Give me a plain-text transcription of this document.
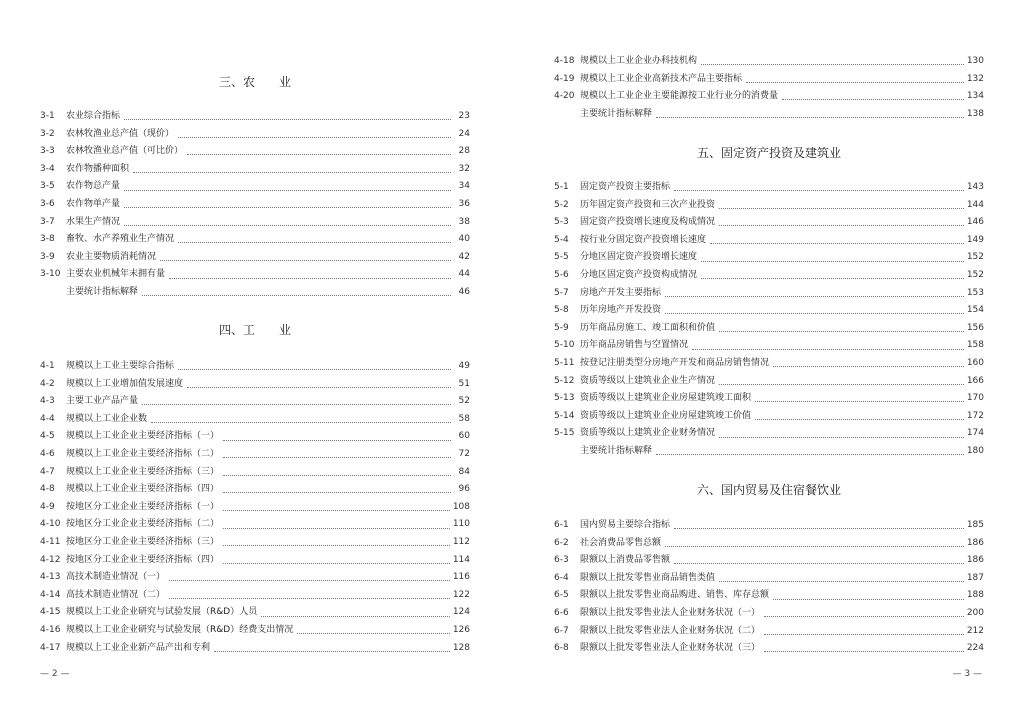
— 2 —
三、农　　业
3-1	农业综合指标	23
3-2	农林牧渔业总产值（现价）	24
3-3	农林牧渔业总产值（可比价）	28
3-4	农作物播种面积	32
3-5	农作物总产量	34
3-6	农作物单产量	36
3-7	水果生产情况	38
3-8	畜牧、水产养殖业生产情况	40
3-9	农业主要物质消耗情况	42
3-10 主要农业机械年末拥有量	44
主要统计指标解释	46
四、工　　业
4-1	规模以上工业主要综合指标	49
4-2	规模以上工业增加值发展速度	51
4-3	主要工业产品产量	52
4-4	规模以上工业企业数	58
4-5	规模以上工业企业主要经济指标（一）	60
4-6	规模以上工业企业主要经济指标（二）	72
4-7	规模以上工业企业主要经济指标（三）	84
4-8	规模以上工业企业主要经济指标（四）	96
4-9	按地区分工业企业主要经济指标（一）	108
4-10 按地区分工业企业主要经济指标（二）	110
4-11 按地区分工业企业主要经济指标（三）	112
4-12 按地区分工业企业主要经济指标（四）	114
4-13 高技术制造业情况（一）	116
4-14 高技术制造业情况（二）	122
4-15 规模以上工业企业研究与试验发展（R&D）人员	124
4-16 规模以上工业企业研究与试验发展（R&D）经费支出情况	126
4-17 规模以上工业企业新产品产出和专利	128
— 3 —
4-18 规模以上工业企业办科技机构	130
4-19 规模以上工业企业高新技术产品主要指标	132
4-20 规模以上工业企业主要能源按工业行业分的消费量	134
主要统计指标解释	138
五、固定资产投资及建筑业
5-1	固定资产投资主要指标	143
5-2	历年固定资产投资和三次产业投资	144
5-3	固定资产投资增长速度及构成情况	146
5-4	按行业分固定资产投资增长速度	149
5-5	分地区固定资产投资增长速度	152
5-6	分地区固定资产投资构成情况	152
5-7	房地产开发主要指标	153
5-8	历年房地产开发投资	154
5-9	历年商品房施工、竣工面积和价值	156
5-10 历年商品房销售与空置情况	158
5-11 按登记注册类型分房地产开发和商品房销售情况	160
5-12 资质等级以上建筑业企业生产情况	166
5-13 资质等级以上建筑业企业房屋建筑竣工面积	170
5-14 资质等级以上建筑业企业房屋建筑竣工价值	172
5-15 资质等级以上建筑业企业财务情况	174
主要统计指标解释	180
六、国内贸易及住宿餐饮业
6-1	国内贸易主要综合指标	185
6-2	社会消费品零售总额	186
6-3	限额以上消费品零售额	186
6-4	限额以上批发零售业商品销售类值	187
6-5	限额以上批发零售业商品购进、销售、库存总额	188
6-6	限额以上批发零售业法人企业财务状况（一）	200
6-7	限额以上批发零售业法人企业财务状况（二）	212
6-8	限额以上批发零售业法人企业财务状况（三）	224
